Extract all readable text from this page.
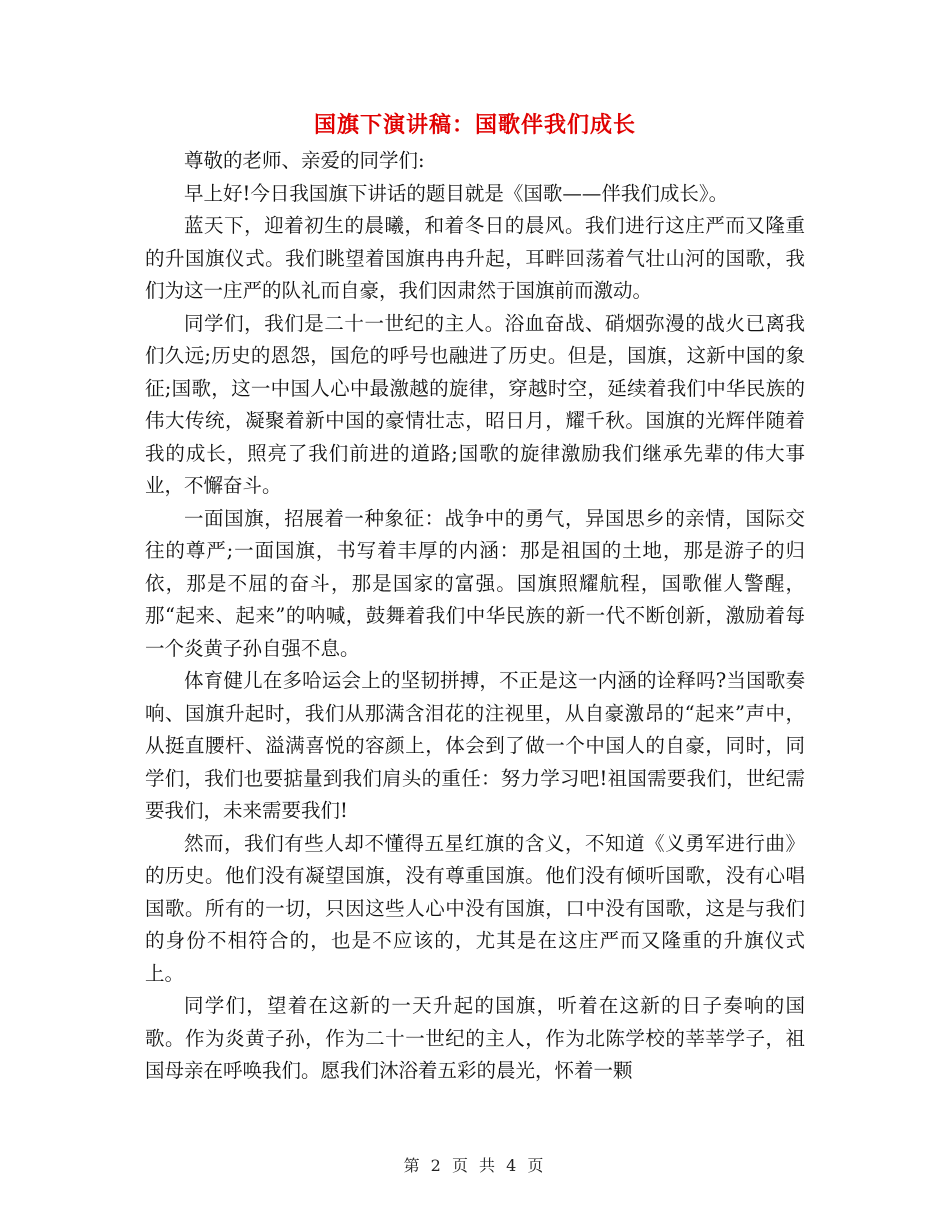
国旗下演讲稿：国歌伴我们成长

尊敬的老师、亲爱的同学们:

早上好!今日我国旗下讲话的题目就是《国歌——伴我们成长》。

蓝天下，迎着初生的晨曦，和着冬日的晨风。我们进行这庄严而又隆重的升国旗仪式。我们眺望着国旗冉冉升起，耳畔回荡着气壮山河的国歌，我们为这一庄严的队礼而自豪，我们因肃然于国旗前而激动。

同学们，我们是二十一世纪的主人。浴血奋战、硝烟弥漫的战火已离我们久远;历史的恩怨，国危的呼号也融进了历史。但是，国旗，这新中国的象征;国歌，这一中国人心中最激越的旋律，穿越时空，延续着我们中华民族的伟大传统，凝聚着新中国的豪情壮志，昭日月，耀千秋。国旗的光辉伴随着我的成长，照亮了我们前进的道路;国歌的旋律激励我们继承先辈的伟大事业，不懈奋斗。

一面国旗，招展着一种象征：战争中的勇气，异国思乡的亲情，国际交往的尊严;一面国旗，书写着丰厚的内涵：那是祖国的土地，那是游子的归依，那是不屈的奋斗，那是国家的富强。国旗照耀航程，国歌催人警醒，那“起来、起来”的呐喊，鼓舞着我们中华民族的新一代不断创新，激励着每一个炎黄子孙自强不息。

体育健儿在多哈运会上的坚韧拼搏，不正是这一内涵的诠释吗?当国歌奏响、国旗升起时，我们从那满含泪花的注视里，从自豪激昂的“起来”声中，从挺直腰杆、溢满喜悦的容颜上，体会到了做一个中国人的自豪，同时，同学们，我们也要掂量到我们肩头的重任：努力学习吧!祖国需要我们，世纪需要我们，未来需要我们!

然而，我们有些人却不懂得五星红旗的含义，不知道《义勇军进行曲》的历史。他们没有凝望国旗，没有尊重国旗。他们没有倾听国歌，没有心唱国歌。所有的一切，只因这些人心中没有国旗，口中没有国歌，这是与我们的身份不相符合的，也是不应该的，尤其是在这庄严而又隆重的升旗仪式上。

同学们，望着在这新的一天升起的国旗，听着在这新的日子奏响的国歌。作为炎黄子孙，作为二十一世纪的主人，作为北陈学校的莘莘学子，祖国母亲在呼唤我们。愿我们沐浴着五彩的晨光，怀着一颗

第 2 页 共 4 页
